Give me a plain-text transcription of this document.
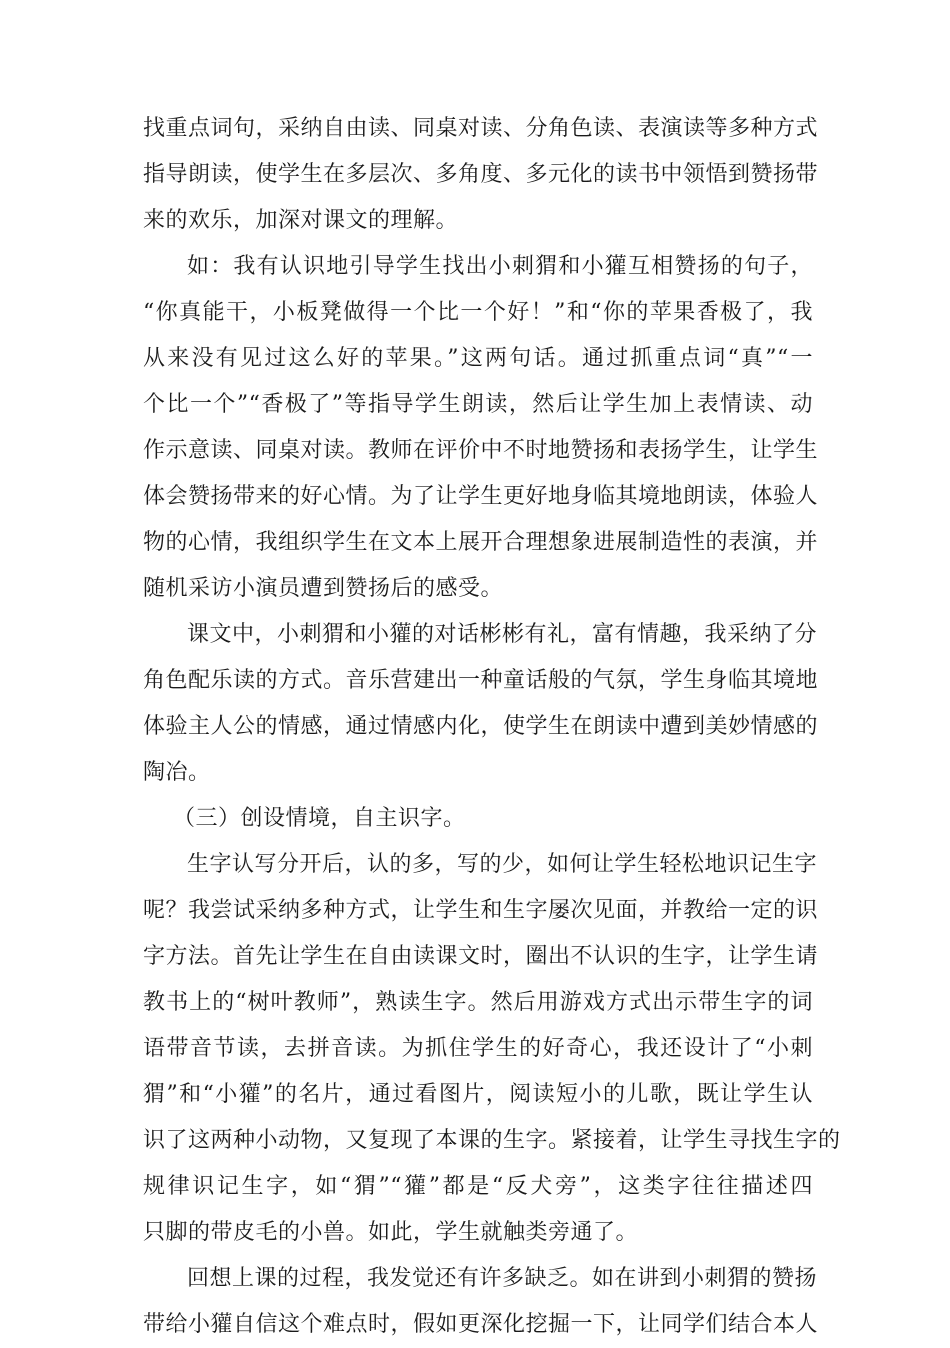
找重点词句，采纳自由读、同桌对读、分角色读、表演读等多种方式
指导朗读，使学生在多层次、多角度、多元化的读书中领悟到赞扬带
来的欢乐，加深对课文的理解。
如：我有认识地引导学生找出小刺猬和小獾互相赞扬的句子，
“你真能干，小板凳做得一个比一个好！”和“你的苹果香极了，我
从来没有见过这么好的苹果。”这两句话。通过抓重点词“真”“一
个比一个”“香极了”等指导学生朗读，然后让学生加上表情读、动
作示意读、同桌对读。教师在评价中不时地赞扬和表扬学生，让学生
体会赞扬带来的好心情。为了让学生更好地身临其境地朗读，体验人
物的心情，我组织学生在文本上展开合理想象进展制造性的表演，并
随机采访小演员遭到赞扬后的感受。
课文中，小刺猬和小獾的对话彬彬有礼，富有情趣，我采纳了分
角色配乐读的方式。音乐营建出一种童话般的气氛，学生身临其境地
体验主人公的情感，通过情感内化，使学生在朗读中遭到美妙情感的
陶冶。
（三）创设情境，自主识字。
生字认写分开后，认的多，写的少，如何让学生轻松地识记生字
呢？我尝试采纳多种方式，让学生和生字屡次见面，并教给一定的识
字方法。首先让学生在自由读课文时，圈出不认识的生字，让学生请
教书上的“树叶教师”，熟读生字。然后用游戏方式出示带生字的词
语带音节读，去拼音读。为抓住学生的好奇心，我还设计了“小刺
猬”和“小獾”的名片，通过看图片，阅读短小的儿歌，既让学生认
识了这两种小动物，又复现了本课的生字。紧接着，让学生寻找生字的
规律识记生字，如“猬”“獾”都是“反犬旁”，这类字往往描述四
只脚的带皮毛的小兽。如此，学生就触类旁通了。
回想上课的过程，我发觉还有许多缺乏。如在讲到小刺猬的赞扬
带给小獾自信这个难点时，假如更深化挖掘一下，让同学们结合本人
